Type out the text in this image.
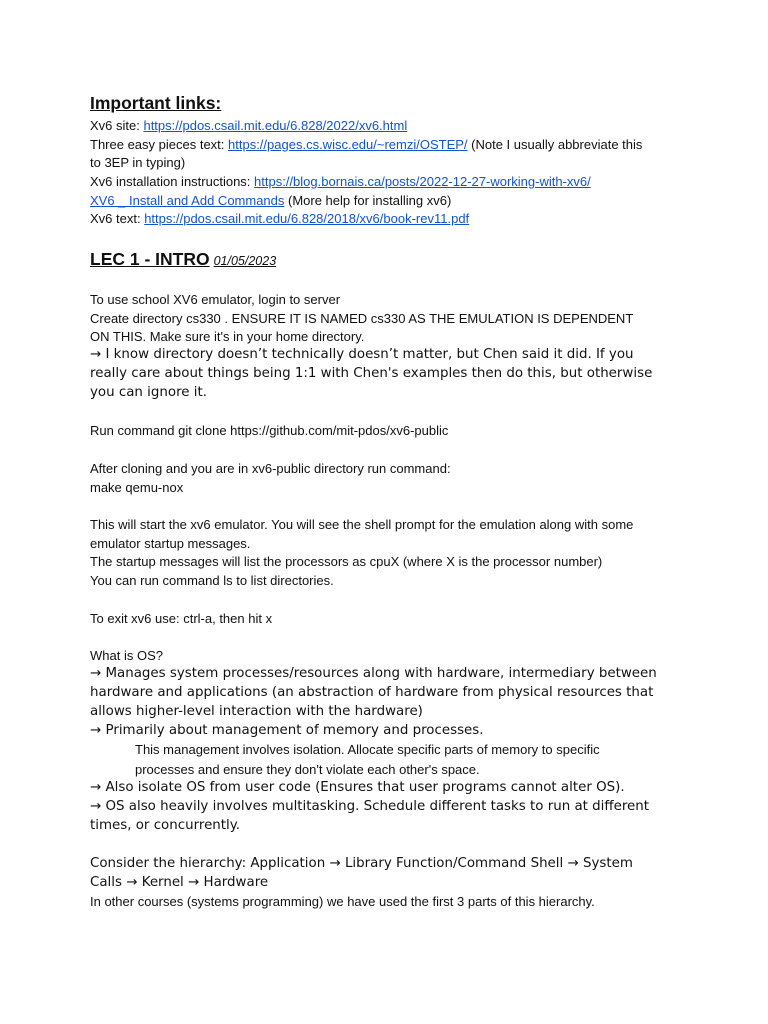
Important links:
Xv6 site: https://pdos.csail.mit.edu/6.828/2022/xv6.html
Three easy pieces text: https://pages.cs.wisc.edu/~remzi/OSTEP/ (Note I usually abbreviate this
to 3EP in typing)
Xv6 installation instructions: https://blog.bornais.ca/posts/2022-12-27-working-with-xv6/
XV6 _ Install and Add Commands (More help for installing xv6)
Xv6 text: https://pdos.csail.mit.edu/6.828/2018/xv6/book-rev11.pdf
LEC 1 - INTRO 01/05/2023
To use school XV6 emulator, login to server
Create directory cs330 . ENSURE IT IS NAMED cs330 AS THE EMULATION IS DEPENDENT
ON THIS. Make sure it's in your home directory.
→ I know directory doesn’t technically doesn’t matter, but Chen said it did. If you
really care about things being 1:1 with Chen's examples then do this, but otherwise
you can ignore it.
Run command git clone https://github.com/mit-pdos/xv6-public
After cloning and you are in xv6-public directory run command:
make qemu-nox
This will start the xv6 emulator. You will see the shell prompt for the emulation along with some
emulator startup messages.
The startup messages will list the processors as cpuX (where X is the processor number)
You can run command ls to list directories.
To exit xv6 use: ctrl-a, then hit x
What is OS?
→ Manages system processes/resources along with hardware, intermediary between
hardware and applications (an abstraction of hardware from physical resources that
allows higher-level interaction with the hardware)
→ Primarily about management of memory and processes.
This management involves isolation. Allocate specific parts of memory to specific
processes and ensure they don't violate each other's space.
→ Also isolate OS from user code (Ensures that user programs cannot alter OS).
→ OS also heavily involves multitasking. Schedule different tasks to run at different
times, or concurrently.
Consider the hierarchy: Application → Library Function/Command Shell → System
Calls → Kernel → Hardware
In other courses (systems programming) we have used the first 3 parts of this hierarchy.
